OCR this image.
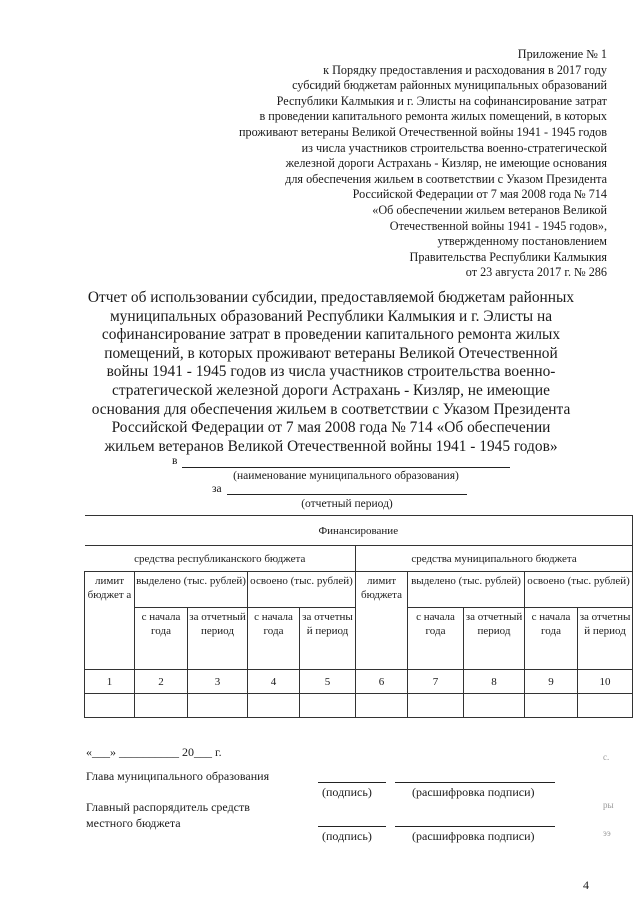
Приложение № 1
к Порядку предоставления и расходования в 2017 году
субсидий бюджетам районных муниципальных образований
Республики Калмыкия и г. Элисты на софинансирование затрат
в проведении капитального ремонта жилых помещений, в которых
проживают ветераны Великой Отечественной войны 1941 - 1945 годов
из числа участников строительства военно-стратегической
железной дороги Астрахань - Кизляр, не имеющие основания
для обеспечения жильем в соответствии с Указом Президента
Российской Федерации от 7 мая 2008 года № 714
«Об обеспечении жильем ветеранов Великой
Отечественной войны 1941 - 1945 годов»,
утвержденному постановлением
Правительства Республики Калмыкия
от 23 августа 2017 г. № 286
Отчет об использовании субсидии, предоставляемой бюджетам районных муниципальных образований Республики Калмыкия и г. Элисты на софинансирование затрат в проведении капитального ремонта жилых помещений, в которых проживают ветераны Великой Отечественной войны 1941 - 1945 годов из числа участников строительства военно-стратегической железной дороги Астрахань - Кизляр, не имеющие основания для обеспечения жильем в соответствии с Указом Президента Российской Федерации от 7 мая 2008 года № 714 «Об обеспечении жильем ветеранов Великой Отечественной войны 1941 - 1945 годов»
в
(наименование муниципального образования)
за
(отчетный период)
Финансирование									
средства республиканского бюджета					средства муниципального бюджета				
лимит бюджет а	выделено (тыс. рублей)		освоено (тыс. рублей)		лимит бюджета	выделено (тыс. рублей)		освоено (тыс. рублей)	
	с начала года	за отчетный период	с начала года	за отчетны й период		с начала года	за отчетный период	с начала года	за отчетны й период
1	2	3	4	5	6	7	8	9	10

«___» __________ 20___ г.
Глава муниципального образования
(подпись)	(расшифровка подписи)
Главный распорядитель средств местного бюджета
(подпись)	(расшифровка подписи)
с.
ры
ээ
4
